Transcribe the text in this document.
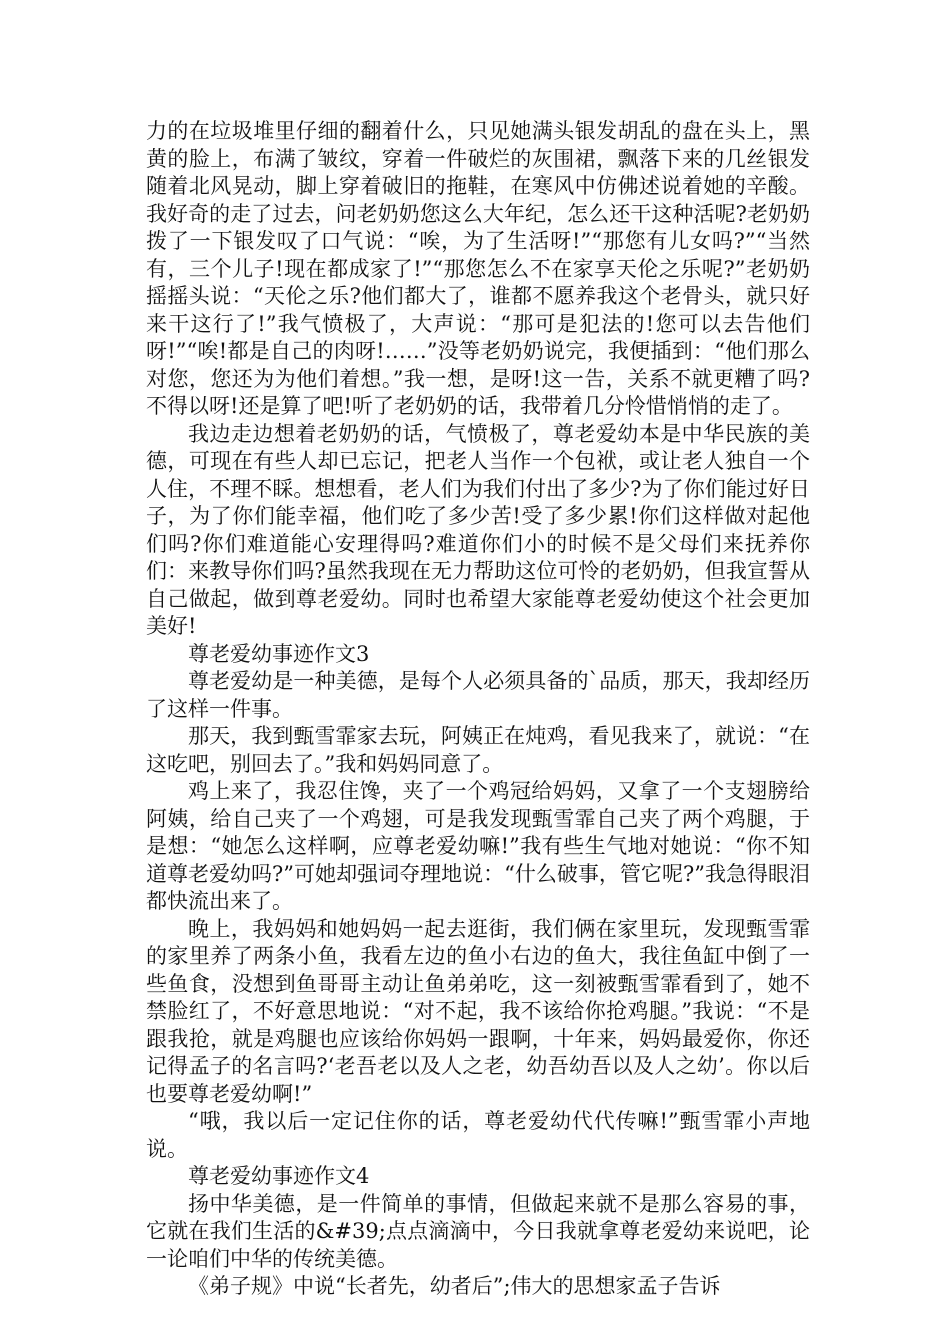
力的在垃圾堆里仔细的翻着什么，只见她满头银发胡乱的盘在头上，黑黄的脸上，布满了皱纹，穿着一件破烂的灰围裙，飘落下来的几丝银发随着北风晃动，脚上穿着破旧的拖鞋，在寒风中仿佛述说着她的辛酸。我好奇的走了过去，问老奶奶您这么大年纪，怎么还干这种活呢?老奶奶拨了一下银发叹了口气说：“唉，为了生活呀!”“那您有儿女吗?”“当然有，三个儿子!现在都成家了!”“那您怎么不在家享天伦之乐呢?”老奶奶摇摇头说：“天伦之乐?他们都大了，谁都不愿养我这个老骨头，就只好来干这行了!”我气愤极了，大声说：“那可是犯法的!您可以去告他们呀!”“唉!都是自己的肉呀!……”没等老奶奶说完，我便插到：“他们那么对您，您还为为他们着想。”我一想，是呀!这一告，关系不就更糟了吗?不得以呀!还是算了吧!听了老奶奶的话，我带着几分怜惜悄悄的走了。

我边走边想着老奶奶的话，气愤极了，尊老爱幼本是中华民族的美德，可现在有些人却已忘记，把老人当作一个包袱，或让老人独自一个人住，不理不睬。想想看，老人们为我们付出了多少?为了你们能过好日子，为了你们能幸福，他们吃了多少苦!受了多少累!你们这样做对起他们吗?你们难道能心安理得吗?难道你们小的时候不是父母们来抚养你们：来教导你们吗?虽然我现在无力帮助这位可怜的老奶奶，但我宣誓从自己做起，做到尊老爱幼。同时也希望大家能尊老爱幼使这个社会更加美好!

尊老爱幼事迹作文3

尊老爱幼是一种美德，是每个人必须具备的`品质，那天，我却经历了这样一件事。

那天，我到甄雪霏家去玩，阿姨正在炖鸡，看见我来了，就说：“在这吃吧，别回去了。”我和妈妈同意了。

鸡上来了，我忍住馋，夹了一个鸡冠给妈妈，又拿了一个支翅膀给阿姨，给自己夹了一个鸡翅，可是我发现甄雪霏自己夹了两个鸡腿，于是想：“她怎么这样啊，应尊老爱幼嘛!”我有些生气地对她说：“你不知道尊老爱幼吗?”可她却强词夺理地说：“什么破事，管它呢?”我急得眼泪都快流出来了。

晚上，我妈妈和她妈妈一起去逛街，我们俩在家里玩，发现甄雪霏的家里养了两条小鱼，我看左边的鱼小右边的鱼大，我往鱼缸中倒了一些鱼食，没想到鱼哥哥主动让鱼弟弟吃，这一刻被甄雪霏看到了，她不禁脸红了，不好意思地说：“对不起，我不该给你抢鸡腿。”我说：“不是跟我抢，就是鸡腿也应该给你妈妈一跟啊，十年来，妈妈最爱你，你还记得孟子的名言吗?‘老吾老以及人之老，幼吾幼吾以及人之幼’。你以后也要尊老爱幼啊!”

“哦，我以后一定记住你的话，尊老爱幼代代传嘛!”甄雪霏小声地说。

尊老爱幼事迹作文4

扬中华美德，是一件简单的事情，但做起来就不是那么容易的事，它就在我们生活的&#39;点点滴滴中，今日我就拿尊老爱幼来说吧，论一论咱们中华的传统美德。

《弟子规》中说“长者先，幼者后”;伟大的思想家孟子告诉
